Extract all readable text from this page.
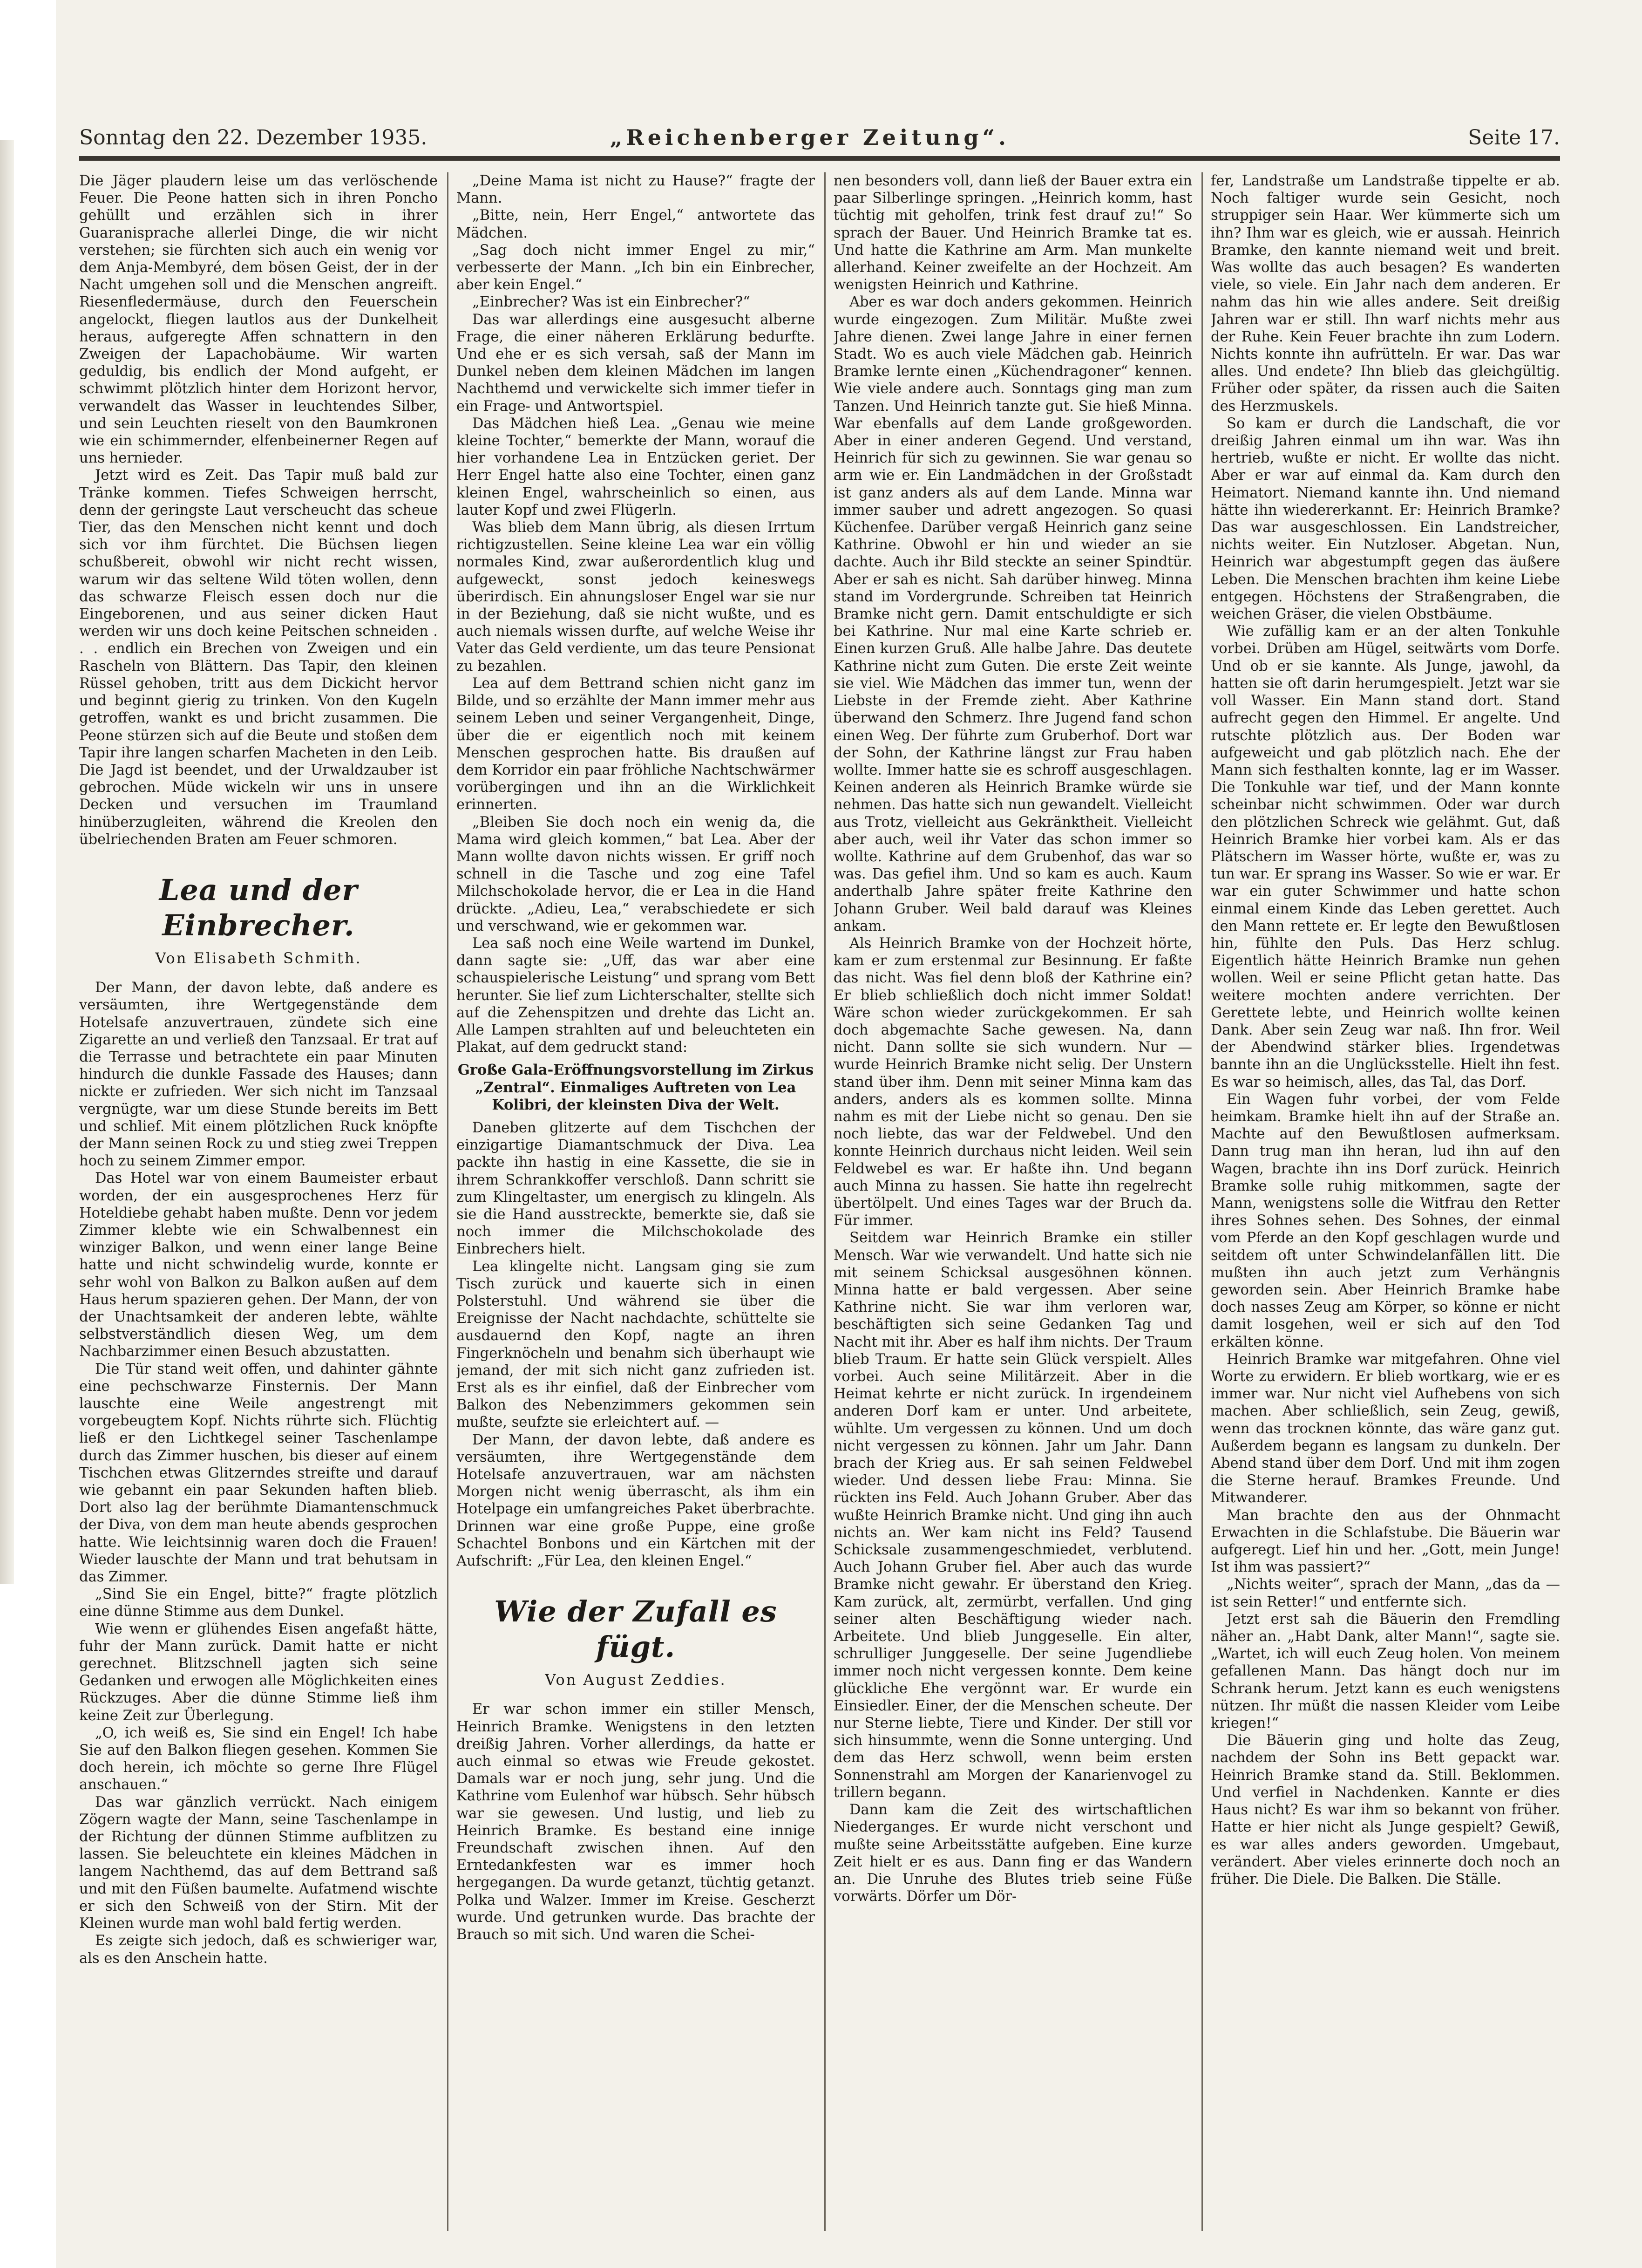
Sonntag den 22. Dezember 1935.	„Reichenberger Zeitung“.	Seite 17.

Die Jäger plaudern leise um das verlöschende Feuer. Die Peone hatten sich in ihren Poncho gehüllt und erzählen sich in ihrer Guaranisprache allerlei Dinge, die wir nicht verstehen; sie fürchten sich auch ein wenig vor dem Anja-Membyré, dem bösen Geist, der in der Nacht umgehen soll und die Menschen angreift. Riesenfledermäuse, durch den Feuerschein angelockt, fliegen lautlos aus der Dunkelheit heraus, aufgeregte Affen schnattern in den Zweigen der Lapachobäume. Wir warten geduldig, bis endlich der Mond aufgeht, er schwimmt plötzlich hinter dem Horizont hervor, verwandelt das Wasser in leuchtendes Silber, und sein Leuchten rieselt von den Baumkronen wie ein schimmernder, elfenbeinerner Regen auf uns hernieder.

Jetzt wird es Zeit. Das Tapir muß bald zur Tränke kommen. Tiefes Schweigen herrscht, denn der geringste Laut verscheucht das scheue Tier, das den Menschen nicht kennt und doch sich vor ihm fürchtet. Die Büchsen liegen schußbereit, obwohl wir nicht recht wissen, warum wir das seltene Wild töten wollen, denn das schwarze Fleisch essen doch nur die Eingeborenen, und aus seiner dicken Haut werden wir uns doch keine Peitschen schneiden . . . endlich ein Brechen von Zweigen und ein Rascheln von Blättern. Das Tapir, den kleinen Rüssel gehoben, tritt aus dem Dickicht hervor und beginnt gierig zu trinken. Von den Kugeln getroffen, wankt es und bricht zusammen. Die Peone stürzen sich auf die Beute und stoßen dem Tapir ihre langen scharfen Macheten in den Leib. Die Jagd ist beendet, und der Urwaldzauber ist gebrochen. Müde wickeln wir uns in unsere Decken und versuchen im Traumland hinüberzugleiten, während die Kreolen den übelriechenden Braten am Feuer schmoren.

Lea und der Einbrecher.
Von Elisabeth Schmith.

Der Mann, der davon lebte, daß andere es versäumten, ihre Wertgegenstände dem Hotelsafe anzuvertrauen, zündete sich eine Zigarette an und verließ den Tanzsaal. Er trat auf die Terrasse und betrachtete ein paar Minuten hindurch die dunkle Fassade des Hauses; dann nickte er zufrieden. Wer sich nicht im Tanzsaal vergnügte, war um diese Stunde bereits im Bett und schlief. Mit einem plötzlichen Ruck knöpfte der Mann seinen Rock zu und stieg zwei Treppen hoch zu seinem Zimmer empor.

Das Hotel war von einem Baumeister erbaut worden, der ein ausgesprochenes Herz für Hoteldiebe gehabt haben mußte. Denn vor jedem Zimmer klebte wie ein Schwalbennest ein winziger Balkon, und wenn einer lange Beine hatte und nicht schwindelig wurde, konnte er sehr wohl von Balkon zu Balkon außen auf dem Haus herum spazieren gehen. Der Mann, der von der Unachtsamkeit der anderen lebte, wählte selbstverständlich diesen Weg, um dem Nachbarzimmer einen Besuch abzustatten.

Die Tür stand weit offen, und dahinter gähnte eine pechschwarze Finsternis. Der Mann lauschte eine Weile angestrengt mit vorgebeugtem Kopf. Nichts rührte sich. Flüchtig ließ er den Lichtkegel seiner Taschenlampe durch das Zimmer huschen, bis dieser auf einem Tischchen etwas Glitzerndes streifte und darauf wie gebannt ein paar Sekunden haften blieb. Dort also lag der berühmte Diamantenschmuck der Diva, von dem man heute abends gesprochen hatte. Wie leichtsinnig waren doch die Frauen! Wieder lauschte der Mann und trat behutsam in das Zimmer.

„Sind Sie ein Engel, bitte?“ fragte plötzlich eine dünne Stimme aus dem Dunkel.

Wie wenn er glühendes Eisen angefaßt hätte, fuhr der Mann zurück. Damit hatte er nicht gerechnet. Blitzschnell jagten sich seine Gedanken und erwogen alle Möglichkeiten eines Rückzuges. Aber die dünne Stimme ließ ihm keine Zeit zur Überlegung.

„O, ich weiß es, Sie sind ein Engel! Ich habe Sie auf den Balkon fliegen gesehen. Kommen Sie doch herein, ich möchte so gerne Ihre Flügel anschauen.“

Das war gänzlich verrückt. Nach einigem Zögern wagte der Mann, seine Taschenlampe in der Richtung der dünnen Stimme aufblitzen zu lassen. Sie beleuchtete ein kleines Mädchen in langem Nachthemd, das auf dem Bettrand saß und mit den Füßen baumelte. Aufatmend wischte er sich den Schweiß von der Stirn. Mit der Kleinen wurde man wohl bald fertig werden.

Es zeigte sich jedoch, daß es schwieriger war, als es den Anschein hatte.

„Deine Mama ist nicht zu Hause?“ fragte der Mann.

„Bitte, nein, Herr Engel,“ antwortete das Mädchen.

„Sag doch nicht immer Engel zu mir,“ verbesserte der Mann. „Ich bin ein Einbrecher, aber kein Engel.“

„Einbrecher? Was ist ein Einbrecher?“

Das war allerdings eine ausgesucht alberne Frage, die einer näheren Erklärung bedurfte. Und ehe er es sich versah, saß der Mann im Dunkel neben dem kleinen Mädchen im langen Nachthemd und verwickelte sich immer tiefer in ein Frage- und Antwortspiel.

Das Mädchen hieß Lea. „Genau wie meine kleine Tochter,“ bemerkte der Mann, worauf die hier vorhandene Lea in Entzücken geriet. Der Herr Engel hatte also eine Tochter, einen ganz kleinen Engel, wahrscheinlich so einen, aus lauter Kopf und zwei Flügerln.

Was blieb dem Mann übrig, als diesen Irrtum richtigzustellen. Seine kleine Lea war ein völlig normales Kind, zwar außerordentlich klug und aufgeweckt, sonst jedoch keineswegs überirdisch. Ein ahnungsloser Engel war sie nur in der Beziehung, daß sie nicht wußte, und es auch niemals wissen durfte, auf welche Weise ihr Vater das Geld verdiente, um das teure Pensionat zu bezahlen.

Lea auf dem Bettrand schien nicht ganz im Bilde, und so erzählte der Mann immer mehr aus seinem Leben und seiner Vergangenheit, Dinge, über die er eigentlich noch mit keinem Menschen gesprochen hatte. Bis draußen auf dem Korridor ein paar fröhliche Nachtschwärmer vorübergingen und ihn an die Wirklichkeit erinnerten.

„Bleiben Sie doch noch ein wenig da, die Mama wird gleich kommen,“ bat Lea. Aber der Mann wollte davon nichts wissen. Er griff noch schnell in die Tasche und zog eine Tafel Milchschokolade hervor, die er Lea in die Hand drückte. „Adieu, Lea,“ verabschiedete er sich und verschwand, wie er gekommen war.

Lea saß noch eine Weile wartend im Dunkel, dann sagte sie: „Uff, das war aber eine schauspielerische Leistung“ und sprang vom Bett herunter. Sie lief zum Lichterschalter, stellte sich auf die Zehenspitzen und drehte das Licht an. Alle Lampen strahlten auf und beleuchteten ein Plakat, auf dem gedruckt stand:

Große Gala-Eröffnungsvorstellung im Zirkus „Zentral“. Einmaliges Auftreten von Lea Kolibri, der kleinsten Diva der Welt.

Daneben glitzerte auf dem Tischchen der einzigartige Diamantschmuck der Diva. Lea packte ihn hastig in eine Kassette, die sie in ihrem Schrankkoffer verschloß. Dann schritt sie zum Klingeltaster, um energisch zu klingeln. Als sie die Hand ausstreckte, bemerkte sie, daß sie noch immer die Milchschokolade des Einbrechers hielt.

Lea klingelte nicht. Langsam ging sie zum Tisch zurück und kauerte sich in einen Polsterstuhl. Und während sie über die Ereignisse der Nacht nachdachte, schüttelte sie ausdauernd den Kopf, nagte an ihren Fingerknöcheln und benahm sich überhaupt wie jemand, der mit sich nicht ganz zufrieden ist. Erst als es ihr einfiel, daß der Einbrecher vom Balkon des Nebenzimmers gekommen sein mußte, seufzte sie erleichtert auf. —

Der Mann, der davon lebte, daß andere es versäumten, ihre Wertgegenstände dem Hotelsafe anzuvertrauen, war am nächsten Morgen nicht wenig überrascht, als ihm ein Hotelpage ein umfangreiches Paket überbrachte. Drinnen war eine große Puppe, eine große Schachtel Bonbons und ein Kärtchen mit der Aufschrift: „Für Lea, den kleinen Engel.“

Wie der Zufall es fügt.
Von August Zeddies.

Er war schon immer ein stiller Mensch, Heinrich Bramke. Wenigstens in den letzten dreißig Jahren. Vorher allerdings, da hatte er auch einmal so etwas wie Freude gekostet. Damals war er noch jung, sehr jung. Und die Kathrine vom Eulenhof war hübsch. Sehr hübsch war sie gewesen. Und lustig, und lieb zu Heinrich Bramke. Es bestand eine innige Freundschaft zwischen ihnen. Auf den Erntedankfesten war es immer hoch hergegangen. Da wurde getanzt, tüchtig getanzt. Polka und Walzer. Immer im Kreise. Gescherzt wurde. Und getrunken wurde. Das brachte der Brauch so mit sich. Und waren die Schei-

nen besonders voll, dann ließ der Bauer extra ein paar Silberlinge springen. „Heinrich komm, hast tüchtig mit geholfen, trink fest drauf zu!“ So sprach der Bauer. Und Heinrich Bramke tat es. Und hatte die Kathrine am Arm. Man munkelte allerhand. Keiner zweifelte an der Hochzeit. Am wenigsten Heinrich und Kathrine.

Aber es war doch anders gekommen. Heinrich wurde eingezogen. Zum Militär. Mußte zwei Jahre dienen. Zwei lange Jahre in einer fernen Stadt. Wo es auch viele Mädchen gab. Heinrich Bramke lernte einen „Küchendragoner“ kennen. Wie viele andere auch. Sonntags ging man zum Tanzen. Und Heinrich tanzte gut. Sie hieß Minna. War ebenfalls auf dem Lande großgeworden. Aber in einer anderen Gegend. Und verstand, Heinrich für sich zu gewinnen. Sie war genau so arm wie er. Ein Landmädchen in der Großstadt ist ganz anders als auf dem Lande. Minna war immer sauber und adrett angezogen. So quasi Küchenfee. Darüber vergaß Heinrich ganz seine Kathrine. Obwohl er hin und wieder an sie dachte. Auch ihr Bild steckte an seiner Spindtür. Aber er sah es nicht. Sah darüber hinweg. Minna stand im Vordergrunde. Schreiben tat Heinrich Bramke nicht gern. Damit entschuldigte er sich bei Kathrine. Nur mal eine Karte schrieb er. Einen kurzen Gruß. Alle halbe Jahre. Das deutete Kathrine nicht zum Guten. Die erste Zeit weinte sie viel. Wie Mädchen das immer tun, wenn der Liebste in der Fremde zieht. Aber Kathrine überwand den Schmerz. Ihre Jugend fand schon einen Weg. Der führte zum Gruberhof. Dort war der Sohn, der Kathrine längst zur Frau haben wollte. Immer hatte sie es schroff ausgeschlagen. Keinen anderen als Heinrich Bramke würde sie nehmen. Das hatte sich nun gewandelt. Vielleicht aus Trotz, vielleicht aus Gekränktheit. Vielleicht aber auch, weil ihr Vater das schon immer so wollte. Kathrine auf dem Grubenhof, das war so was. Das gefiel ihm. Und so kam es auch. Kaum anderthalb Jahre später freite Kathrine den Johann Gruber. Weil bald darauf was Kleines ankam.

Als Heinrich Bramke von der Hochzeit hörte, kam er zum erstenmal zur Besinnung. Er faßte das nicht. Was fiel denn bloß der Kathrine ein? Er blieb schließlich doch nicht immer Soldat! Wäre schon wieder zurückgekommen. Er sah doch abgemachte Sache gewesen. Na, dann nicht. Dann sollte sie sich wundern. Nur — wurde Heinrich Bramke nicht selig. Der Unstern stand über ihm. Denn mit seiner Minna kam das anders, anders als es kommen sollte. Minna nahm es mit der Liebe nicht so genau. Den sie noch liebte, das war der Feldwebel. Und den konnte Heinrich durchaus nicht leiden. Weil sein Feldwebel es war. Er haßte ihn. Und begann auch Minna zu hassen. Sie hatte ihn regelrecht übertölpelt. Und eines Tages war der Bruch da. Für immer.

Seitdem war Heinrich Bramke ein stiller Mensch. War wie verwandelt. Und hatte sich nie mit seinem Schicksal ausgesöhnen können. Minna hatte er bald vergessen. Aber seine Kathrine nicht. Sie war ihm verloren war, beschäftigten sich seine Gedanken Tag und Nacht mit ihr. Aber es half ihm nichts. Der Traum blieb Traum. Er hatte sein Glück verspielt. Alles vorbei. Auch seine Militärzeit. Aber in die Heimat kehrte er nicht zurück. In irgendeinem anderen Dorf kam er unter. Und arbeitete, wühlte. Um vergessen zu können. Und um doch nicht vergessen zu können. Jahr um Jahr. Dann brach der Krieg aus. Er sah seinen Feldwebel wieder. Und dessen liebe Frau: Minna. Sie rückten ins Feld. Auch Johann Gruber. Aber das wußte Heinrich Bramke nicht. Und ging ihn auch nichts an. Wer kam nicht ins Feld? Tausend Schicksale zusammengeschmiedet, verblutend. Auch Johann Gruber fiel. Aber auch das wurde Bramke nicht gewahr. Er überstand den Krieg. Kam zurück, alt, zermürbt, verfallen. Und ging seiner alten Beschäftigung wieder nach. Arbeitete. Und blieb Junggeselle. Ein alter, schrulliger Junggeselle. Der seine Jugendliebe immer noch nicht vergessen konnte. Dem keine glückliche Ehe vergönnt war. Er wurde ein Einsiedler. Einer, der die Menschen scheute. Der nur Sterne liebte, Tiere und Kinder. Der still vor sich hinsummte, wenn die Sonne unterging. Und dem das Herz schwoll, wenn beim ersten Sonnenstrahl am Morgen der Kanarienvogel zu trillern begann.

Dann kam die Zeit des wirtschaftlichen Niederganges. Er wurde nicht verschont und mußte seine Arbeitsstätte aufgeben. Eine kurze Zeit hielt er es aus. Dann fing er das Wandern an. Die Unruhe des Blutes trieb seine Füße vorwärts. Dörfer um Dör-

fer, Landstraße um Landstraße tippelte er ab. Noch faltiger wurde sein Gesicht, noch struppiger sein Haar. Wer kümmerte sich um ihn? Ihm war es gleich, wie er aussah. Heinrich Bramke, den kannte niemand weit und breit. Was wollte das auch besagen? Es wanderten viele, so viele. Ein Jahr nach dem anderen. Er nahm das hin wie alles andere. Seit dreißig Jahren war er still. Ihn warf nichts mehr aus der Ruhe. Kein Feuer brachte ihn zum Lodern. Nichts konnte ihn aufrütteln. Er war. Das war alles. Und endete? Ihn blieb das gleichgültig. Früher oder später, da rissen auch die Saiten des Herzmuskels.

So kam er durch die Landschaft, die vor dreißig Jahren einmal um ihn war. Was ihn hertrieb, wußte er nicht. Er wollte das nicht. Aber er war auf einmal da. Kam durch den Heimatort. Niemand kannte ihn. Und niemand hätte ihn wiedererkannt. Er: Heinrich Bramke? Das war ausgeschlossen. Ein Landstreicher, nichts weiter. Ein Nutzloser. Abgetan. Nun, Heinrich war abgestumpft gegen das äußere Leben. Die Menschen brachten ihm keine Liebe entgegen. Höchstens der Straßengraben, die weichen Gräser, die vielen Obstbäume.

Wie zufällig kam er an der alten Tonkuhle vorbei. Drüben am Hügel, seitwärts vom Dorfe. Und ob er sie kannte. Als Junge, jawohl, da hatten sie oft darin herumgespielt. Jetzt war sie voll Wasser. Ein Mann stand dort. Stand aufrecht gegen den Himmel. Er angelte. Und rutschte plötzlich aus. Der Boden war aufgeweicht und gab plötzlich nach. Ehe der Mann sich festhalten konnte, lag er im Wasser. Die Tonkuhle war tief, und der Mann konnte scheinbar nicht schwimmen. Oder war durch den plötzlichen Schreck wie gelähmt. Gut, daß Heinrich Bramke hier vorbei kam. Als er das Plätschern im Wasser hörte, wußte er, was zu tun war. Er sprang ins Wasser. So wie er war. Er war ein guter Schwimmer und hatte schon einmal einem Kinde das Leben gerettet. Auch den Mann rettete er. Er legte den Bewußtlosen hin, fühlte den Puls. Das Herz schlug. Eigentlich hätte Heinrich Bramke nun gehen wollen. Weil er seine Pflicht getan hatte. Das weitere mochten andere verrichten. Der Gerettete lebte, und Heinrich wollte keinen Dank. Aber sein Zeug war naß. Ihn fror. Weil der Abendwind stärker blies. Irgendetwas bannte ihn an die Unglücksstelle. Hielt ihn fest. Es war so heimisch, alles, das Tal, das Dorf.

Ein Wagen fuhr vorbei, der vom Felde heimkam. Bramke hielt ihn auf der Straße an. Machte auf den Bewußtlosen aufmerksam. Dann trug man ihn heran, lud ihn auf den Wagen, brachte ihn ins Dorf zurück. Heinrich Bramke solle ruhig mitkommen, sagte der Mann, wenigstens solle die Witfrau den Retter ihres Sohnes sehen. Des Sohnes, der einmal vom Pferde an den Kopf geschlagen wurde und seitdem oft unter Schwindelanfällen litt. Die mußten ihn auch jetzt zum Verhängnis geworden sein. Aber Heinrich Bramke habe doch nasses Zeug am Körper, so könne er nicht damit losgehen, weil er sich auf den Tod erkälten könne.

Heinrich Bramke war mitgefahren. Ohne viel Worte zu erwidern. Er blieb wortkarg, wie er es immer war. Nur nicht viel Aufhebens von sich machen. Aber schließlich, sein Zeug, gewiß, wenn das trocknen könnte, das wäre ganz gut. Außerdem begann es langsam zu dunkeln. Der Abend stand über dem Dorf. Und mit ihm zogen die Sterne herauf. Bramkes Freunde. Und Mitwanderer.

Man brachte den aus der Ohnmacht Erwachten in die Schlafstube. Die Bäuerin war aufgeregt. Lief hin und her. „Gott, mein Junge! Ist ihm was passiert?“

„Nichts weiter“, sprach der Mann, „das da — ist sein Retter!“ und entfernte sich.

Jetzt erst sah die Bäuerin den Fremdling näher an. „Habt Dank, alter Mann!“, sagte sie. „Wartet, ich will euch Zeug holen. Von meinem gefallenen Mann. Das hängt doch nur im Schrank herum. Jetzt kann es euch wenigstens nützen. Ihr müßt die nassen Kleider vom Leibe kriegen!“

Die Bäuerin ging und holte das Zeug, nachdem der Sohn ins Bett gepackt war. Heinrich Bramke stand da. Still. Beklommen. Und verfiel in Nachdenken. Kannte er dies Haus nicht? Es war ihm so bekannt von früher. Hatte er hier nicht als Junge gespielt? Gewiß, es war alles anders geworden. Umgebaut, verändert. Aber vieles erinnerte doch noch an früher. Die Diele. Die Balken. Die Ställe.
